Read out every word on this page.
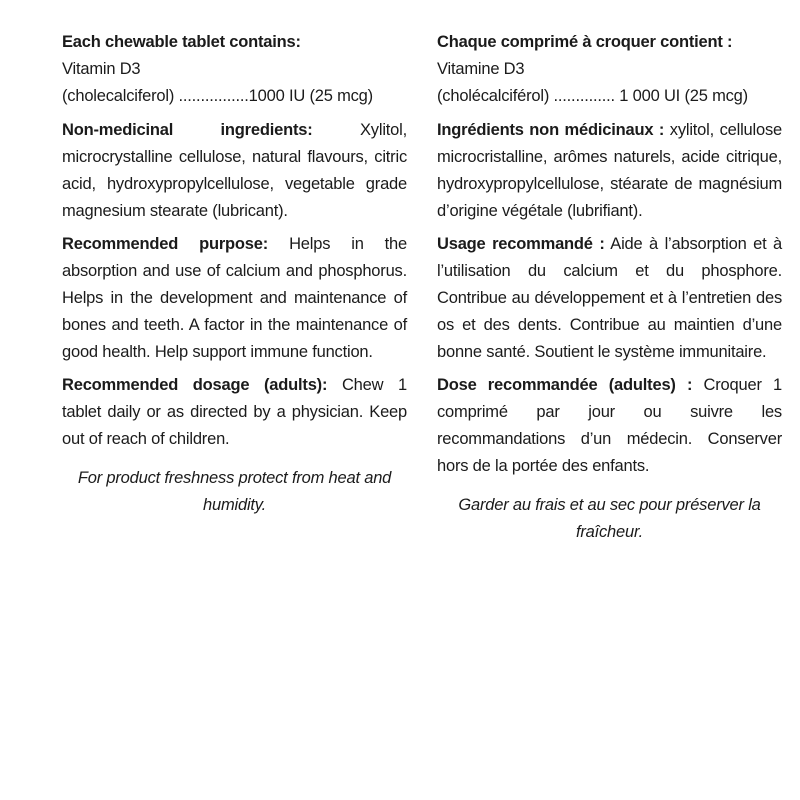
Each chewable tablet contains:

Vitamin D3

(cholecalciferol) ................1000 IU (25 mcg)

Non-medicinal ingredients:	Xylitol, microcrystalline cellulose, natural flavours, citric acid, hydroxypropylcellulose, vegetable grade magnesium stearate (lubricant).

Recommended purpose: Helps in the absorption and use of calcium and phosphorus. Helps in the development and maintenance of bones and teeth. A factor in the maintenance of good health. Help support immune function.

Recommended dosage (adults): Chew 1 tablet daily or as directed by a physician. Keep out of reach of children.

For product freshness protect from heat and humidity.

Chaque comprimé à croquer contient :

Vitamine D3

(cholécalciférol) .............. 1 000 UI (25 mcg)

Ingrédients non médicinaux : xylitol, cellulose microcristalline, arômes naturels, acide citrique, hydroxypropylcellulose, stéarate de magnésium d’origine végétale (lubrifiant).

Usage recommandé : Aide à l’absorption et à l’utilisation du calcium et du phosphore. Contribue au développement et à l’entretien des os et des dents. Contribue au maintien d’une bonne santé. Soutient le système immunitaire.

Dose recommandée (adultes) : Croquer 1 comprimé par jour ou suivre les recommandations d’un médecin. Conserver hors de la portée des enfants.

Garder au frais et au sec pour préserver la fraîcheur.
